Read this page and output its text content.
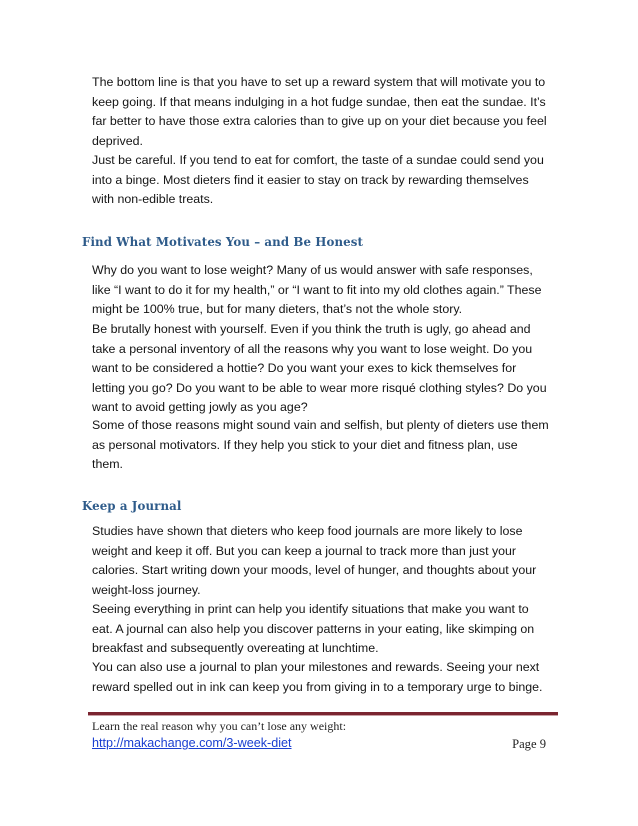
The bottom line is that you have to set up a reward system that will motivate you to keep going. If that means indulging in a hot fudge sundae, then eat the sundae. It’s far better to have those extra calories than to give up on your diet because you feel deprived.

Just be careful. If you tend to eat for comfort, the taste of a sundae could send you into a binge. Most dieters find it easier to stay on track by rewarding themselves with non-edible treats.

Find What Motivates You – and Be Honest

Why do you want to lose weight? Many of us would answer with safe responses, like “I want to do it for my health,” or “I want to fit into my old clothes again.” These might be 100% true, but for many dieters, that’s not the whole story.

Be brutally honest with yourself. Even if you think the truth is ugly, go ahead and take a personal inventory of all the reasons why you want to lose weight. Do you want to be considered a hottie? Do you want your exes to kick themselves for letting you go? Do you want to be able to wear more risqué clothing styles? Do you want to avoid getting jowly as you age?

Some of those reasons might sound vain and selfish, but plenty of dieters use them as personal motivators. If they help you stick to your diet and fitness plan, use them.

Keep a Journal

Studies have shown that dieters who keep food journals are more likely to lose weight and keep it off. But you can keep a journal to track more than just your calories. Start writing down your moods, level of hunger, and thoughts about your weight-loss journey.

Seeing everything in print can help you identify situations that make you want to eat. A journal can also help you discover patterns in your eating, like skimping on breakfast and subsequently overeating at lunchtime.

You can also use a journal to plan your milestones and rewards. Seeing your next reward spelled out in ink can keep you from giving in to a temporary urge to binge.

Learn the real reason why you can’t lose any weight:

http://makachange.com/3-week-diet	Page 9
